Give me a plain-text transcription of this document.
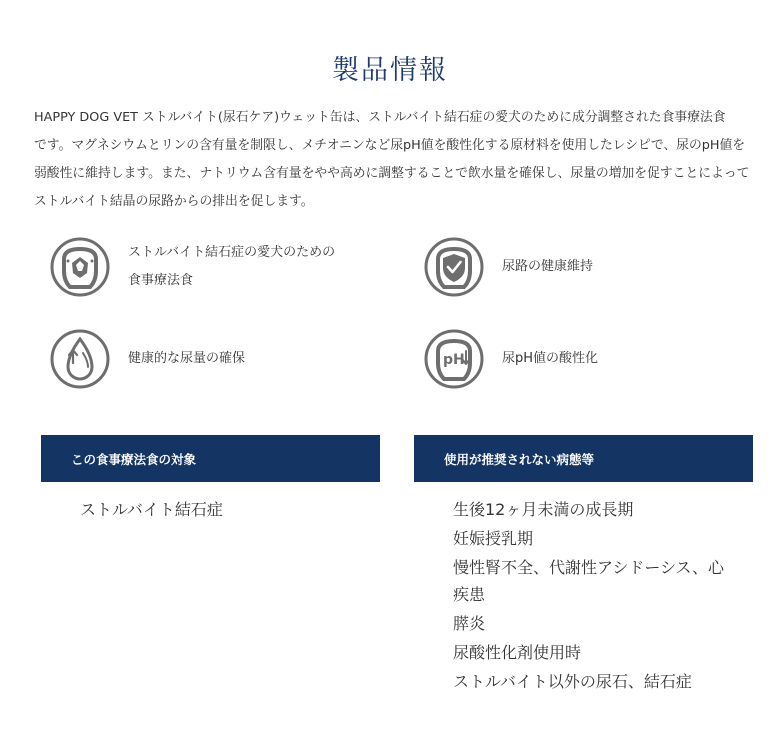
製品情報

HAPPY DOG VET ストルバイト(尿石ケア)ウェット缶は、ストルバイト結石症の愛犬のために成分調整された食事療法食

です。マグネシウムとリンの含有量を制限し、メチオニンなど尿pH値を酸性化する原材料を使用したレシピで、尿のpH値を

弱酸性に維持します。また、ナトリウム含有量をやや高めに調整することで飲水量を確保し、尿量の増加を促すことによって

ストルバイト結晶の尿路からの排出を促します。

ストルバイト結石症の愛犬のための
食事療法食
尿路の健康維持
健康的な尿量の確保	pH	尿pH値の酸性化
この食事療法食の対象	使用が推奨されない病態等
ストルバイト結石症	生後12ヶ月未満の成長期
妊娠授乳期
慢性腎不全、代謝性アシドーシス、心
疾患
膵炎
尿酸性化剤使用時
ストルバイト以外の尿石、結石症
